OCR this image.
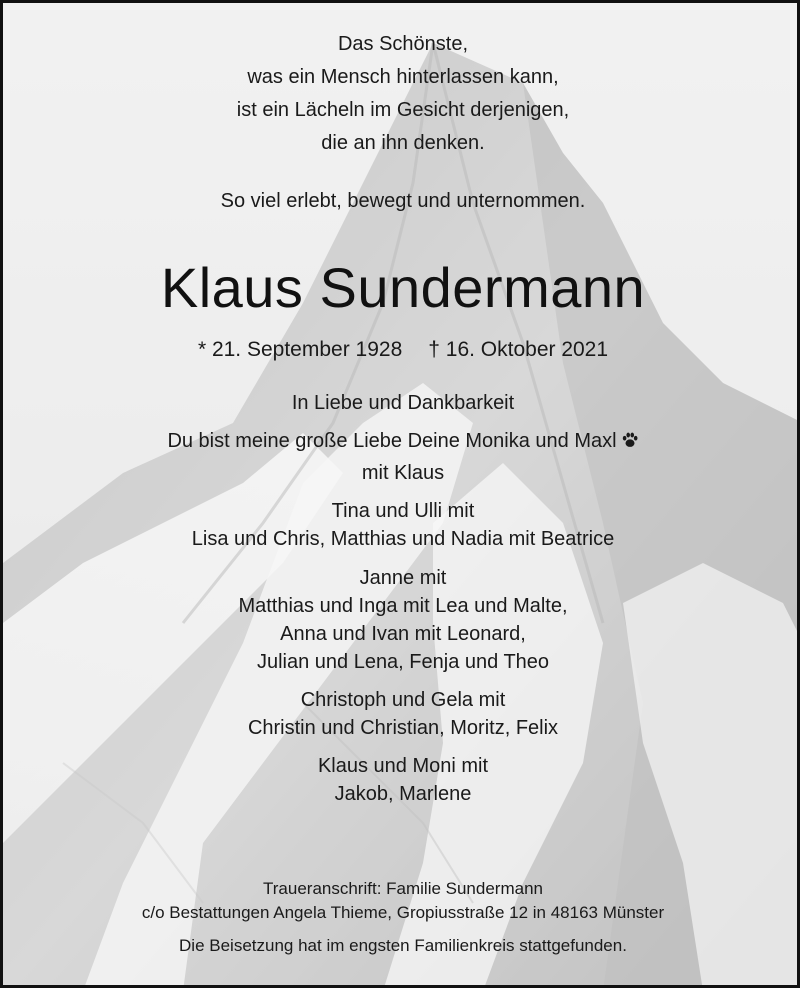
Das Schönste,
was ein Mensch hinterlassen kann,
ist ein Lächeln im Gesicht derjenigen,
die an ihn denken.
So viel erlebt, bewegt und unternommen.
Klaus Sundermann
* 21. September 1928 † 16. Oktober 2021
In Liebe und Dankbarkeit
Du bist meine große Liebe Deine Monika und Maxl
mit Klaus
Tina und Ulli mit
Lisa und Chris, Matthias und Nadia mit Beatrice
Janne mit
Matthias und Inga mit Lea und Malte,
Anna und Ivan mit Leonard,
Julian und Lena, Fenja und Theo
Christoph und Gela mit
Christin und Christian, Moritz, Felix
Klaus und Moni mit
Jakob, Marlene
Traueranschrift: Familie Sundermann
c/o Bestattungen Angela Thieme, Gropiusstraße 12 in 48163 Münster
Die Beisetzung hat im engsten Familienkreis stattgefunden.
